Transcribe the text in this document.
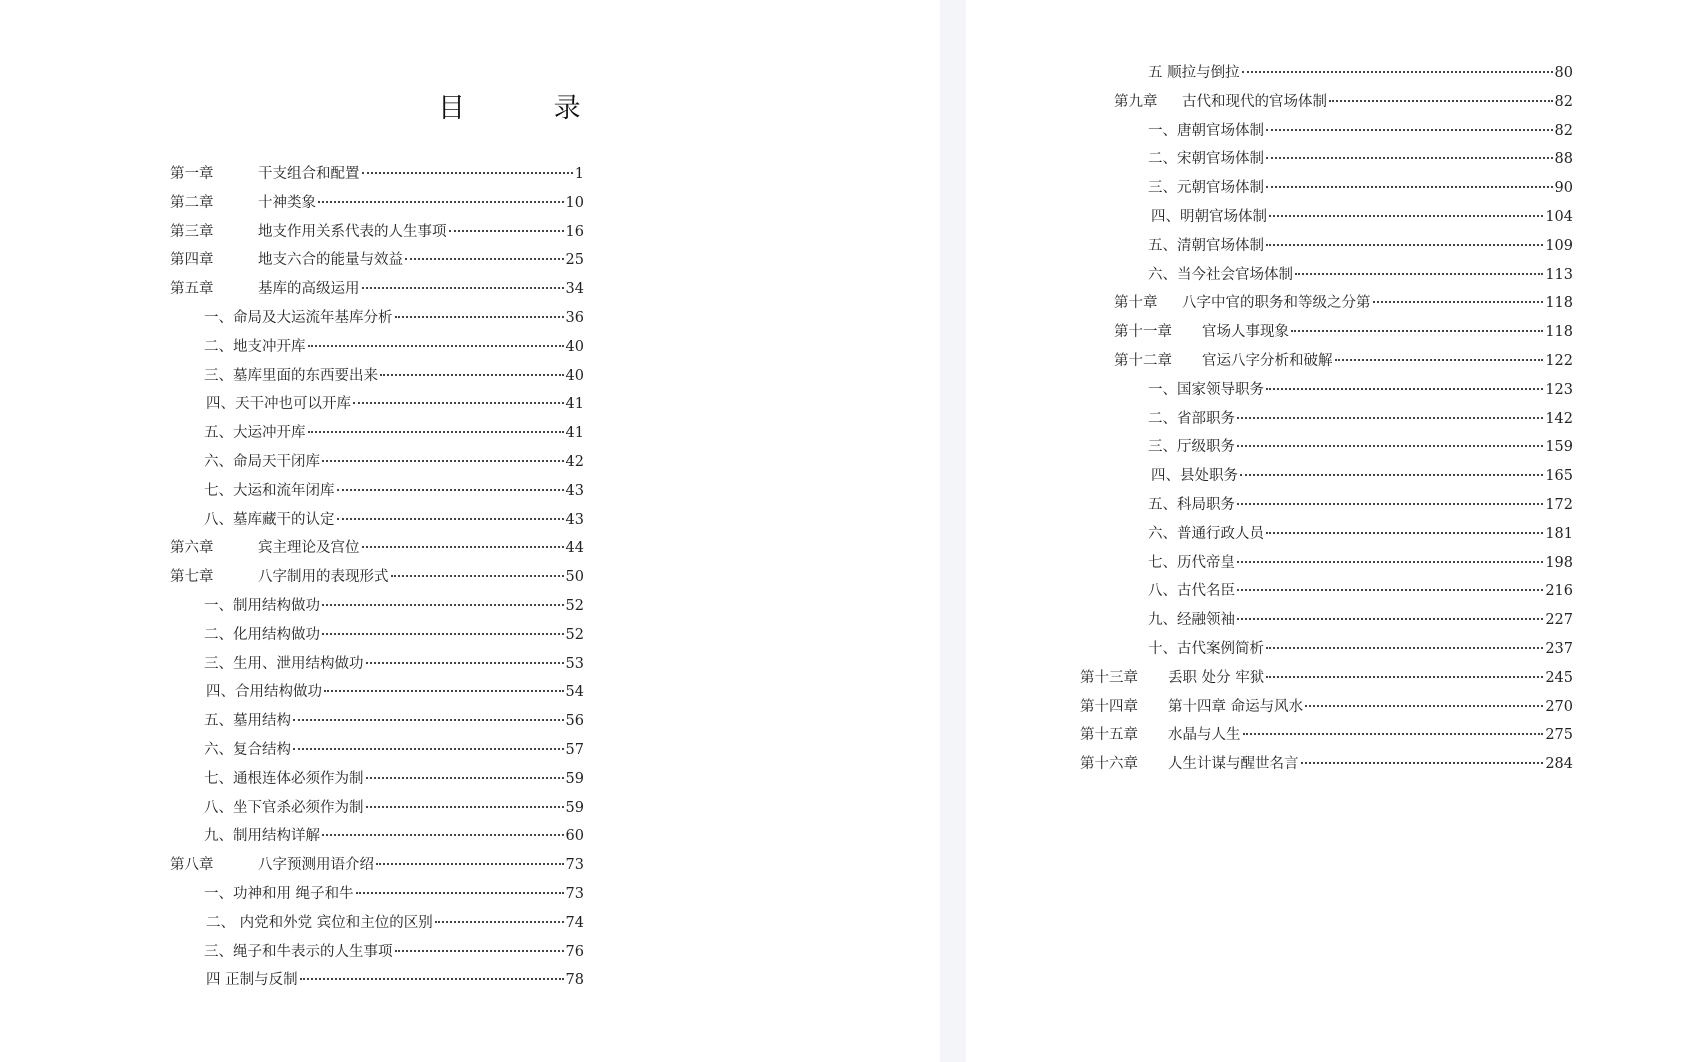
目 录
第一章	干支组合和配置	1
第二章	十神类象	10
第三章	地支作用关系代表的人生事项	16
第四章	地支六合的能量与效益	25
第五章	基库的高级运用	34
一、命局及大运流年基库分析	36
二、地支冲开库	40
三、墓库里面的东西要出来	40
四、天干冲也可以开库	41
五、大运冲开库	41
六、命局天干闭库	42
七、大运和流年闭库	43
八、墓库藏干的认定	43
第六章	宾主理论及宫位	44
第七章	八字制用的表现形式	50
一、制用结构做功	52
二、化用结构做功	52
三、生用、泄用结构做功	53
四、合用结构做功	54
五、墓用结构	56
六、复合结构	57
七、通根连体必须作为制	59
八、坐下官杀必须作为制	59
九、制用结构详解	60
第八章	八字预测用语介绍	73
一、功神和用 绳子和牛	73
二、 内党和外党 宾位和主位的区别	74
三、绳子和牛表示的人生事项	76
四 正制与反制	78
五 顺拉与倒拉	80
第九章	古代和现代的官场体制	82
一、唐朝官场体制	82
二、宋朝官场体制	88
三、元朝官场体制	90
四、明朝官场体制	104
五、清朝官场体制	109
六、当今社会官场体制	113
第十章	八字中官的职务和等级之分第	118
第十一章	官场人事现象	118
第十二章	官运八字分析和破解	122
一、国家领导职务	123
二、省部职务	142
三、厅级职务	159
四、县处职务	165
五、科局职务	172
六、普通行政人员	181
七、历代帝皇	198
八、古代名臣	216
九、经融领袖	227
十、古代案例简析	237
第十三章	丢职 处分 牢狱	245
第十四章	第十四章 命运与风水	270
第十五章	水晶与人生	275
第十六章	人生计谋与醒世名言	284
